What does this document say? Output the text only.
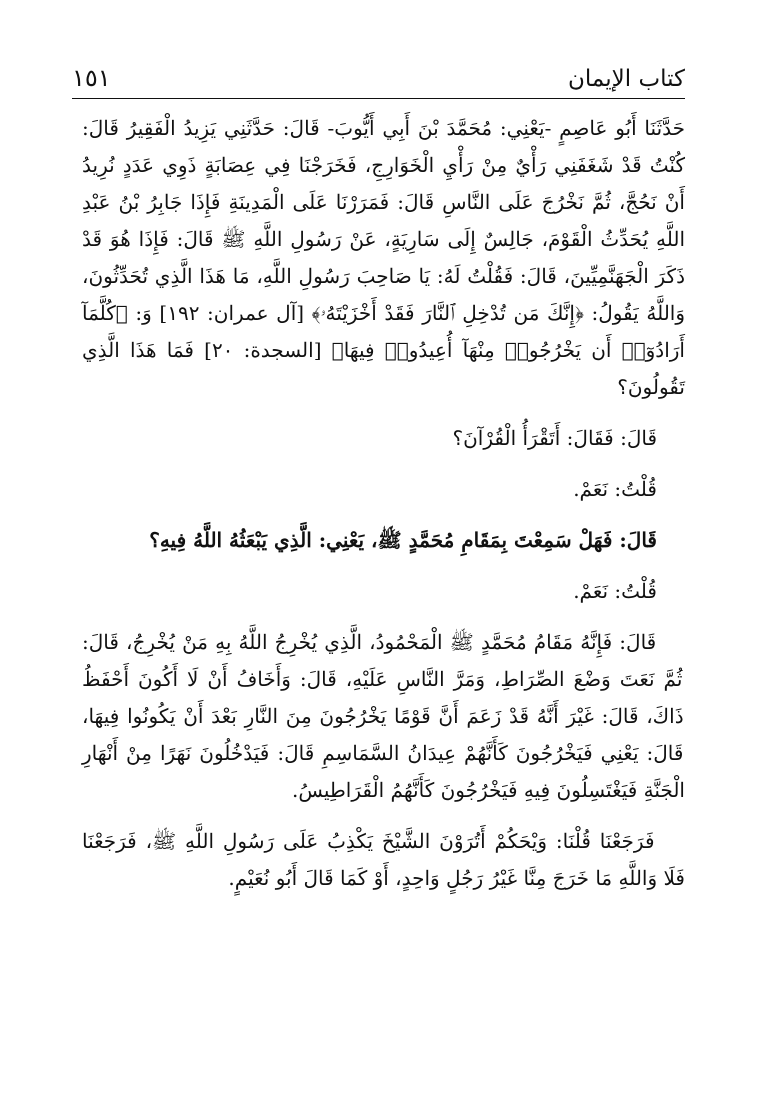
كتاب الإيمان
١٥١

حَدَّثَنَا أَبُو عَاصِمٍ -يَعْنِي: مُحَمَّدَ بْنَ أَبِي أَيُّوبَ- قَالَ: حَدَّثَنِي يَزِيدُ الْفَقِيرُ قَالَ: كُنْتُ قَدْ شَغَفَنِي رَأْيٌ مِنْ رَأْيِ الْخَوَارِجِ، فَخَرَجْنَا فِي عِصَابَةٍ ذَوِي عَدَدٍ نُرِيدُ أَنْ نَحُجَّ، ثُمَّ نَخْرُجَ عَلَى النَّاسِ قَالَ: فَمَرَرْنَا عَلَى الْمَدِينَةِ فَإِذَا جَابِرُ بْنُ عَبْدِ اللَّهِ يُحَدِّثُ الْقَوْمَ، جَالِسٌ إِلَى سَارِيَةٍ، عَنْ رَسُولِ اللَّهِ ﷺ قَالَ: فَإِذَا هُوَ قَدْ ذَكَرَ الْجَهَنَّمِيِّينَ، قَالَ: فَقُلْتُ لَهُ: يَا صَاحِبَ رَسُولِ اللَّهِ، مَا هَذَا الَّذِي تُحَدِّثُونَ، وَاللَّهُ يَقُولُ: ﴿إِنَّكَ مَن تُدْخِلِ ٱلنَّارَ فَقَدْ أَخْزَيْتَهُۥ﴾ [آل عمران: ١٩٢] وَ: ﴿كُلَّمَآ أَرَادُوٓا۟ أَن يَخْرُجُوا۟ مِنْهَآ أُعِيدُوا۟ فِيهَا﴾ [السجدة: ٢٠] فَمَا هَذَا الَّذِي تَقُولُونَ؟

قَالَ: فَقَالَ: أَتَقْرَأُ الْقُرْآنَ؟

قُلْتُ: نَعَمْ.

قَالَ: فَهَلْ سَمِعْتَ بِمَقَامِ مُحَمَّدٍ ﷺ، يَعْنِي: الَّذِي يَبْعَثُهُ اللَّهُ فِيهِ؟

قُلْتُ: نَعَمْ.

قَالَ: فَإِنَّهُ مَقَامُ مُحَمَّدٍ ﷺ الْمَحْمُودُ، الَّذِي يُخْرِجُ اللَّهُ بِهِ مَنْ يُخْرِجُ، قَالَ: ثُمَّ نَعَتَ وَضْعَ الصِّرَاطِ، وَمَرَّ النَّاسِ عَلَيْهِ، قَالَ: وَأَخَافُ أَنْ لَا أَكُونَ أَحْفَظُ ذَاكَ، قَالَ: غَيْرَ أَنَّهُ قَدْ زَعَمَ أَنَّ قَوْمًا يَخْرُجُونَ مِنَ النَّارِ بَعْدَ أَنْ يَكُونُوا فِيهَا، قَالَ: يَعْنِي فَيَخْرُجُونَ كَأَنَّهُمْ عِيدَانُ السَّمَاسِمِ قَالَ: فَيَدْخُلُونَ نَهَرًا مِنْ أَنْهَارِ الْجَنَّةِ فَيَغْتَسِلُونَ فِيهِ فَيَخْرُجُونَ كَأَنَّهُمُ الْقَرَاطِيسُ.

فَرَجَعْنَا قُلْنَا: وَيْحَكُمْ أَتُرَوْنَ الشَّيْخَ يَكْذِبُ عَلَى رَسُولِ اللَّهِ ﷺ، فَرَجَعْنَا فَلَا وَاللَّهِ مَا خَرَجَ مِنَّا غَيْرُ رَجُلٍ وَاحِدٍ، أَوْ كَمَا قَالَ أَبُو نُعَيْمٍ.
